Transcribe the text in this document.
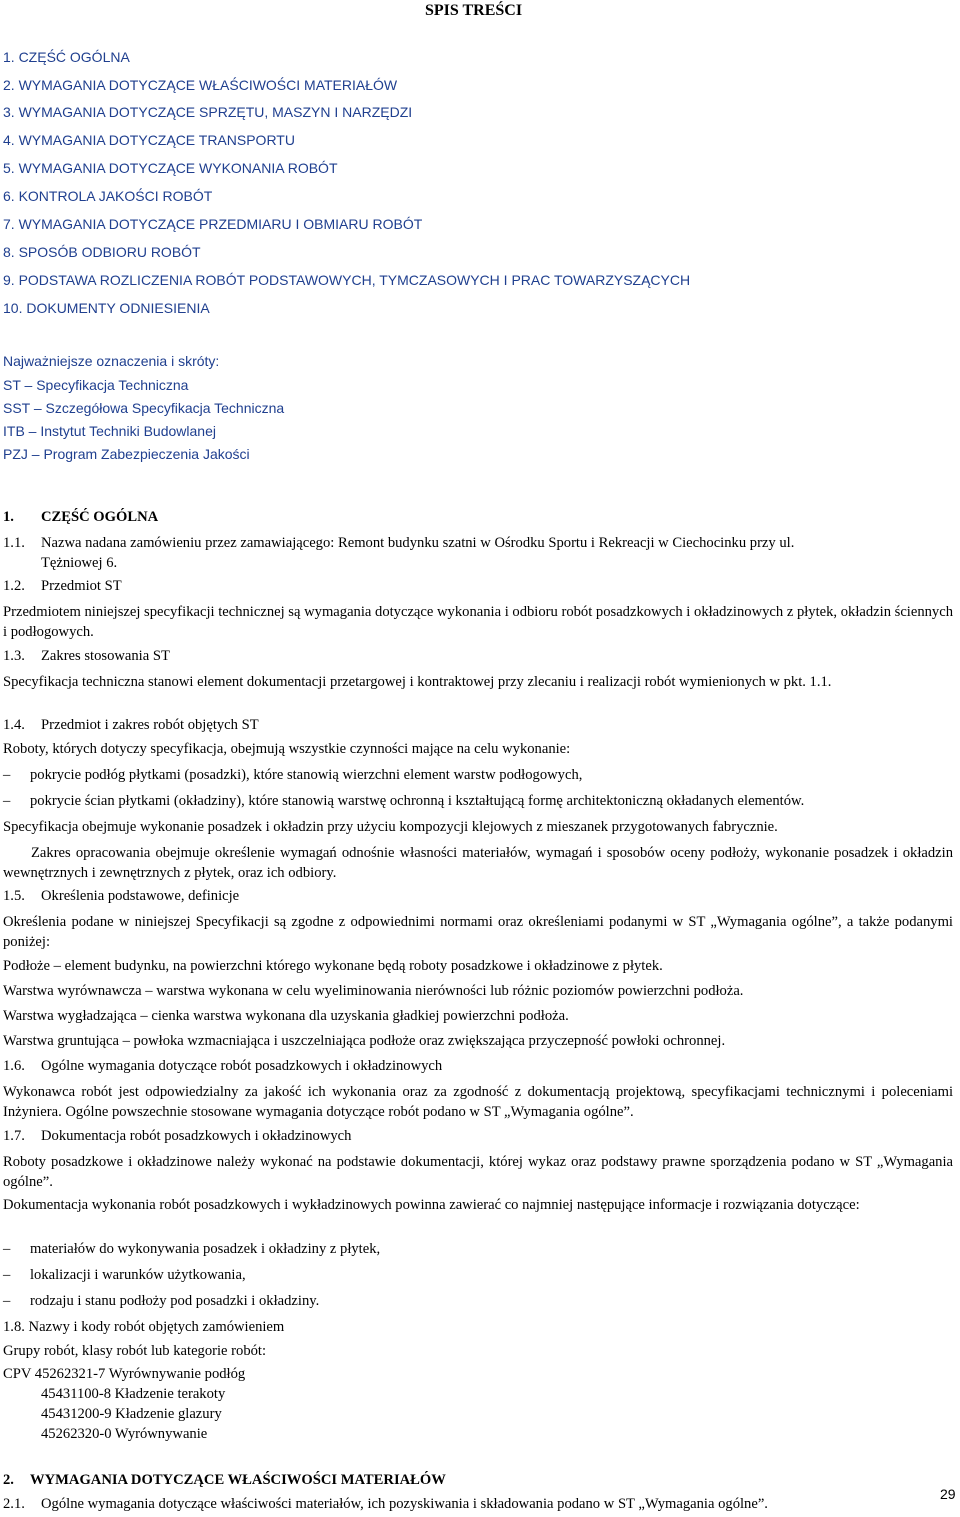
SPIS TREŚCI
1. CZĘŚĆ OGÓLNA
2. WYMAGANIA DOTYCZĄCE WŁAŚCIWOŚCI MATERIAŁÓW
3. WYMAGANIA DOTYCZĄCE SPRZĘTU, MASZYN I NARZĘDZI
4. WYMAGANIA DOTYCZĄCE TRANSPORTU
5. WYMAGANIA DOTYCZĄCE WYKONANIA ROBÓT
6. KONTROLA JAKOŚCI ROBÓT
7. WYMAGANIA DOTYCZĄCE PRZEDMIARU I OBMIARU ROBÓT
8. SPOSÓB ODBIORU ROBÓT
9. PODSTAWA ROZLICZENIA ROBÓT PODSTAWOWYCH, TYMCZASOWYCH I PRAC TOWARZYSZĄCYCH
10. DOKUMENTY ODNIESIENIA
Najważniejsze oznaczenia i skróty:
ST – Specyfikacja Techniczna
SST – Szczegółowa Specyfikacja Techniczna
ITB – Instytut Techniki Budowlanej
PZJ – Program Zabezpieczenia Jakości
1. CZĘŚĆ OGÓLNA
1.1. Nazwa nadana zamówieniu przez zamawiającego: Remont budynku szatni w Ośrodku Sportu i Rekreacji w Ciechocinku przy ul.
Tężniowej 6.
1.2. Przedmiot ST
Przedmiotem niniejszej specyfikacji technicznej są wymagania dotyczące wykonania i odbioru robót posadzkowych i okładzinowych z płytek, okładzin ściennych i podłogowych.
1.3. Zakres stosowania ST
Specyfikacja techniczna stanowi element dokumentacji przetargowej i kontraktowej przy zlecaniu i realizacji robót wymienionych w pkt. 1.1.
1.4. Przedmiot i zakres robót objętych ST
Roboty, których dotyczy specyfikacja, obejmują wszystkie czynności mające na celu wykonanie:
– pokrycie podłóg płytkami (posadzki), które stanowią wierzchni element warstw podłogowych,
– pokrycie ścian płytkami (okładziny), które stanowią warstwę ochronną i kształtującą formę architektoniczną okładanych elementów.
Specyfikacja obejmuje wykonanie posadzek i okładzin przy użyciu kompozycji klejowych z mieszanek przygotowanych fabrycznie.
Zakres opracowania obejmuje określenie wymagań odnośnie własności materiałów, wymagań i sposobów oceny podłoży, wykonanie posadzek i okładzin wewnętrznych i zewnętrznych z płytek, oraz ich odbiory.
1.5. Określenia podstawowe, definicje
Określenia podane w niniejszej Specyfikacji są zgodne z odpowiednimi normami oraz określeniami podanymi w ST „Wymagania ogólne”, a także podanymi poniżej:
Podłoże – element budynku, na powierzchni którego wykonane będą roboty posadzkowe i okładzinowe z płytek.
Warstwa wyrównawcza – warstwa wykonana w celu wyeliminowania nierówności lub różnic poziomów powierzchni podłoża.
Warstwa wygładzająca – cienka warstwa wykonana dla uzyskania gładkiej powierzchni podłoża.
Warstwa gruntująca – powłoka wzmacniająca i uszczelniająca podłoże oraz zwiększająca przyczepność powłoki ochronnej.
1.6. Ogólne wymagania dotyczące robót posadzkowych i okładzinowych
Wykonawca robót jest odpowiedzialny za jakość ich wykonania oraz za zgodność z dokumentacją projektową, specyfikacjami technicznymi i poleceniami Inżyniera. Ogólne powszechnie stosowane wymagania dotyczące robót podano w ST „Wymagania ogólne”.
1.7. Dokumentacja robót posadzkowych i okładzinowych
Roboty posadzkowe i okładzinowe należy wykonać na podstawie dokumentacji, której wykaz oraz podstawy prawne sporządzenia podano w ST „Wymagania ogólne”.
Dokumentacja wykonania robót posadzkowych i wykładzinowych powinna zawierać co najmniej następujące informacje i rozwiązania dotyczące:
– materiałów do wykonywania posadzek i okładziny z płytek,
– lokalizacji i warunków użytkowania,
– rodzaju i stanu podłoży pod posadzki i okładziny.
1.8. Nazwy i kody robót objętych zamówieniem
Grupy robót, klasy robót lub kategorie robót:
CPV 45262321-7 Wyrównywanie podłóg
45431100-8 Kładzenie terakoty
45431200-9 Kładzenie glazury
45262320-0 Wyrównywanie
2. WYMAGANIA DOTYCZĄCE WŁAŚCIWOŚCI MATERIAŁÓW
2.1. Ogólne wymagania dotyczące właściwości materiałów, ich pozyskiwania i składowania podano w ST „Wymagania ogólne”.
29
